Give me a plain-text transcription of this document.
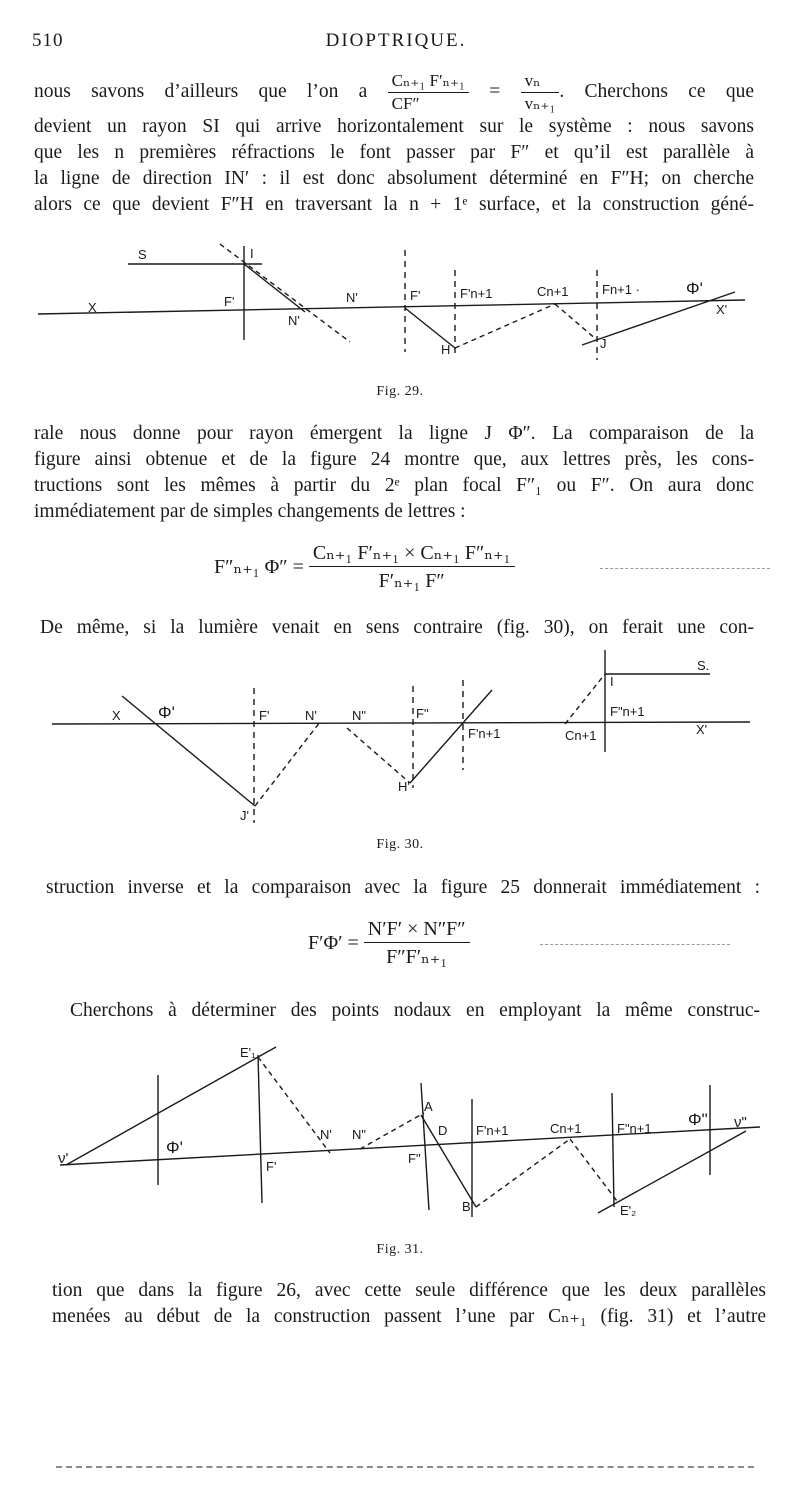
510	DIOPTRIQUE.
nous savons d’ailleurs que l’on a $\frac{\text{Cₙ₊₁ F′ₙ₊₁}}{CF''} = \frac{\text{vₙ}}{\text{vₙ₊₁}}$ . Cherchons ce que
devient un rayon SI qui arrive horizontalement sur le système : nous savons
que les n premières réfractions le font passer par F″ et qu’il est parallèle à
la ligne de direction IN′ : il est donc absolument déterminé en F″H; on cherche
alors ce que devient F″H en traversant la n + 1ᵉ surface, et la construction géné-
S	I
X	F'
N'
N'	F'	F'n+1	Cn+1	Fn+1 ·	Φ'
X'
H	J
Fig. 29.
rale nous donne pour rayon émergent la ligne J Φ″. La comparaison de la
figure ainsi obtenue et de la figure 24 montre que, aux lettres près, les cons-
tructions sont les mêmes à partir du 2ᵉ plan focal F″₁ ou F″. On aura donc
immédiatement par de simples changements de lettres :
F″ₙ₊₁ $\Phi'' = \frac{\text{Cₙ₊₁ F′ₙ₊₁ × Cₙ₊₁ F″ₙ₊₁}}{\text{F′ₙ₊₁ F″}}$
De même, si la lumière venait en sens contraire (fig. 30), on ferait une con-
S.
I
X Φ'	F'	N'	N"	F"
F'n+1	Cn+1
F"n+1
X'
H'
J'
Fig. 30.
struction inverse et la comparaison avec la figure 25 donnerait immédiatement :
$F'\Phi' = \frac{N'F' \times N''F''}{\text{F″F′ₙ₊₁}}$
Cherchons à déterminer des points nodaux en employant la même construc-
E'₁
ν'
Φ'
F'
N' N"
F"
A
D
B
F'n+1	Cn+1	F"n+1 Φ" ν"
E'₂
Fig. 31.
tion que dans la figure 26, avec cette seule différence que les deux parallèles
menées au début de la construction passent l’une par Cₙ₊₁ (fig. 31) et l’autre
